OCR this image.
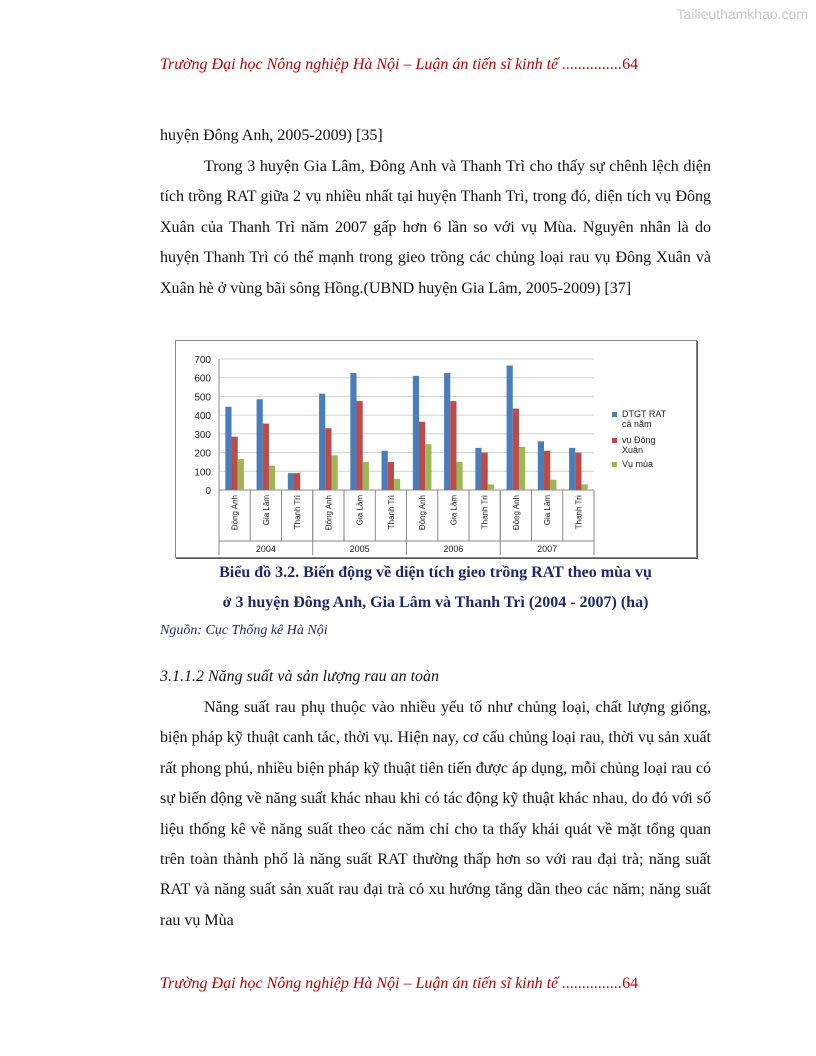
Tailieuthamkhao.com
Trường Đại học Nông nghiệp Hà Nội – Luận án tiến sĩ kinh tế ...............64
huyện Đông Anh, 2005-2009) [35]
Trong 3 huyện Gia Lâm, Đông Anh và Thanh Trì cho thấy sự chênh lệch diện tích trồng RAT giữa 2 vụ nhiều nhất tại huyện Thanh Trì, trong đó, diện tích vụ Đông Xuân của Thanh Trì năm 2007 gấp hơn 6 lần so với vụ Mùa. Nguyên nhân là do huyện Thanh Trì có thế mạnh trong gieo trồng các chủng loại rau vụ Đông Xuân và Xuân hè ở vùng bãi sông Hồng.(UBND huyện Gia Lâm, 2005-2009) [37]
0
100
200
300
400
500
600
700
Đông Anh	Gia Lâm	Thanh Trì
2004
Đông Anh	Gia Lâm	Thanh Trì
2005
Đông Anh	Gia Lâm	Thanh Trì
2006
Đông Anh	Gia Lâm	Thanh Trì
2007
DTGT RAT
cả năm
vụ Đông
Xuân
Vụ mùa
Biểu đồ 3.2. Biến động về diện tích gieo trồng RAT theo mùa vụ
ở 3 huyện Đông Anh, Gia Lâm và Thanh Trì (2004 - 2007) (ha)
Nguồn: Cục Thống kê Hà Nội
3.1.1.2 Năng suất và sản lượng rau an toàn
Năng suất rau phụ thuộc vào nhiều yếu tố như chủng loại, chất lượng giống, biện pháp kỹ thuật canh tác, thời vụ. Hiện nay, cơ cấu chủng loại rau, thời vụ sản xuất rất phong phú, nhiều biện pháp kỹ thuật tiên tiến được áp dụng, mỗi chủng loại rau có sự biến động về năng suất khác nhau khi có tác động kỹ thuật khác nhau, do đó với số liệu thống kê về năng suất theo các năm chỉ cho ta thấy khái quát về mặt tổng quan trên toàn thành phố là năng suất RAT thường thấp hơn so với rau đại trà; năng suất RAT và năng suất sản xuất rau đại trà có xu hướng tăng dần theo các năm; năng suất rau vụ Mùa
Trường Đại học Nông nghiệp Hà Nội – Luận án tiến sĩ kinh tế ...............64
